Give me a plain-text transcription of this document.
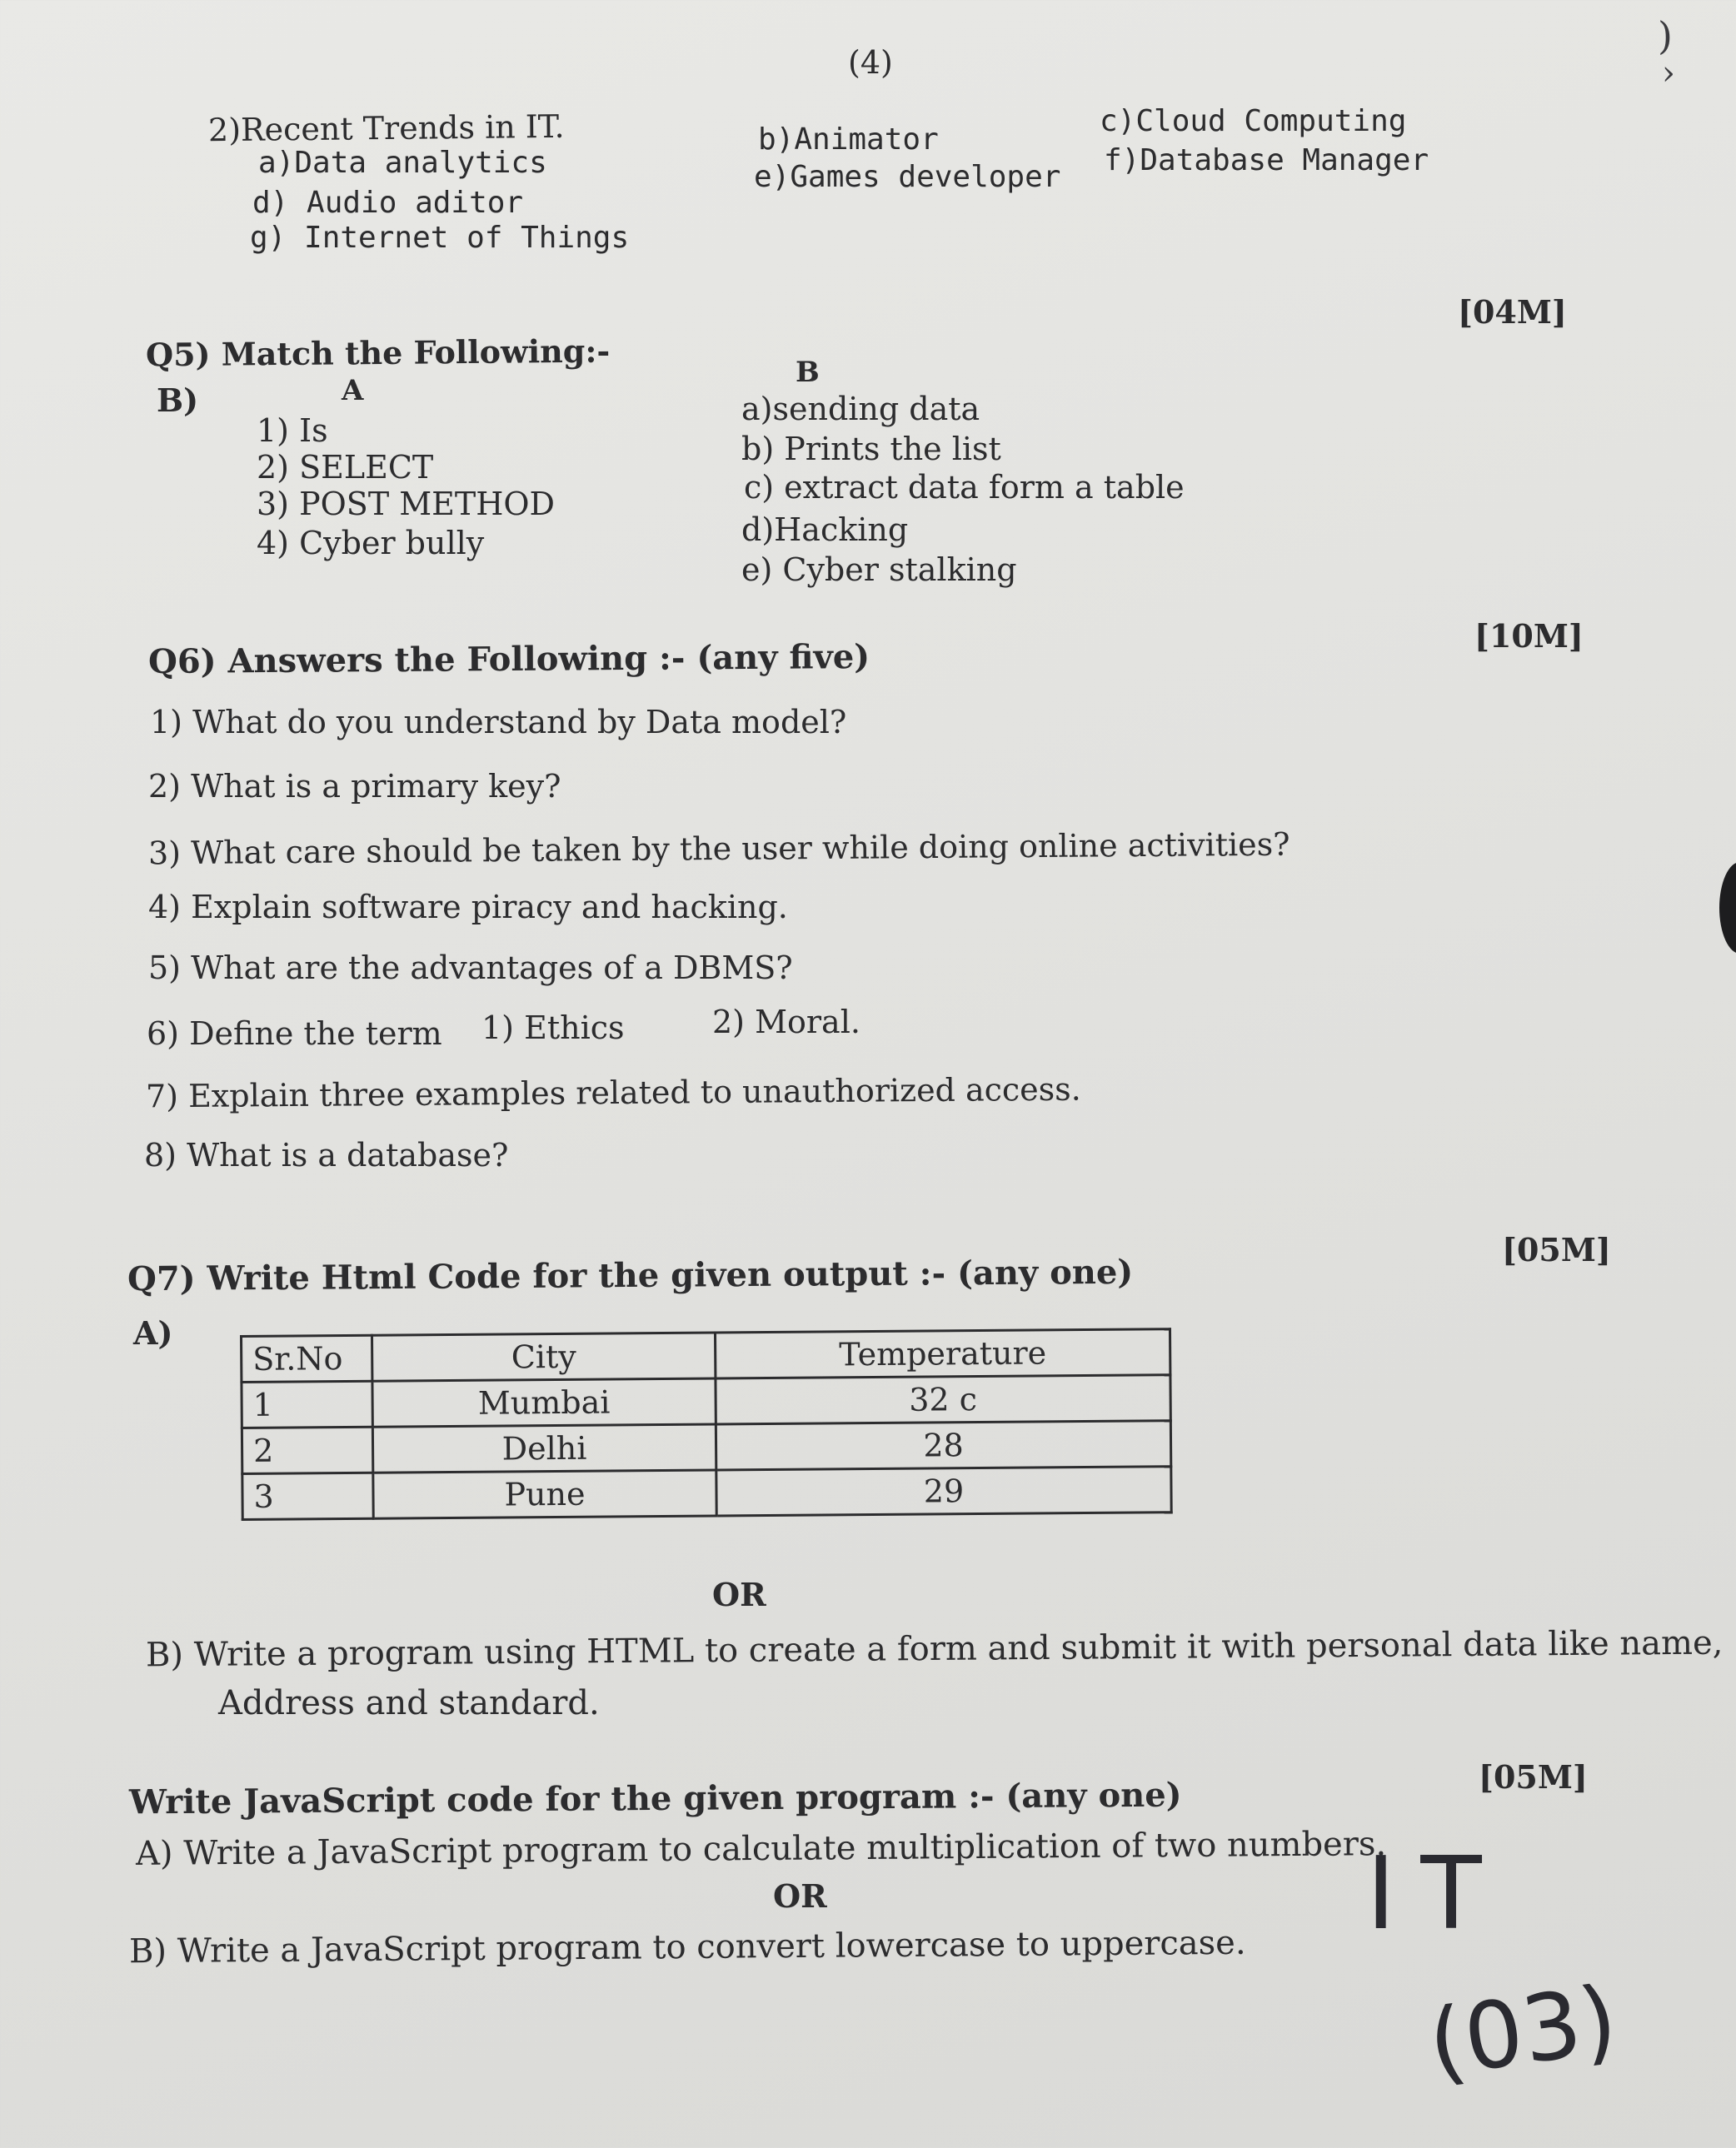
(4)
2)Recent Trends in IT.
a)Data analytics
b)Animator
c)Cloud Computing
d) Audio aditor
e)Games developer f)Database Manager
g) Internet of Things
[04M]
Q5) Match the Following:-
B)	A
B
1) Is
2) SELECT
3) POST METHOD
4) Cyber bully
a)sending data
b) Prints the list
c) extract data form a table
d)Hacking
e) Cyber stalking
[10M]
Q6) Answers the Following :- (any five)
1) What do you understand by Data model?
2) What is a primary key?
3) What care should be taken by the user while doing online activities?
4) Explain software piracy and hacking.
5) What are the advantages of a DBMS?
6) Define the term 1) Ethics	2) Moral.
7) Explain three examples related to unauthorized access.
8) What is a database?
[05M]
Q7) Write Html Code for the given output :- (any one)
A)
Sr.No	City	Temperature
1	Mumbai	32 c
2	Delhi	28
3	Pune	29
OR
B) Write a program using HTML to create a form and submit it with personal data like name,
Address and standard.
[05M]
Write JavaScript code for the given program :- (any one)
A) Write a JavaScript program to calculate multiplication of two numbers.
OR
B) Write a JavaScript program to convert lowercase to uppercase. IT
(03)
)
›
